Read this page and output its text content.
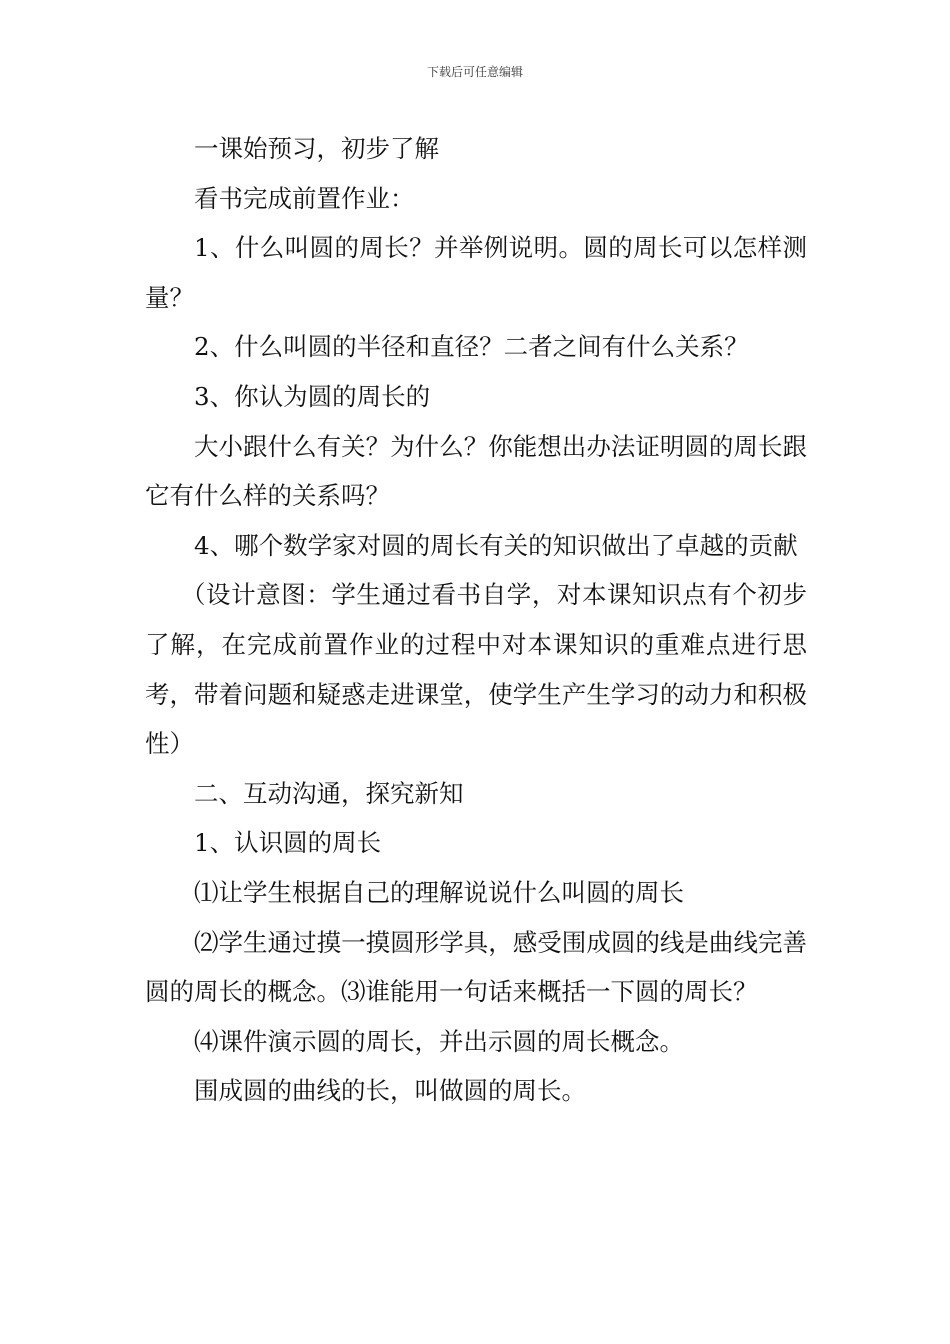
下载后可任意编辑

一课始预习，初步了解

看书完成前置作业：

1、什么叫圆的周长？并举例说明。圆的周长可以怎样测量？

2、什么叫圆的半径和直径？二者之间有什么关系？

3、你认为圆的周长的

大小跟什么有关？为什么？你能想出办法证明圆的周长跟它有什么样的关系吗？

4、哪个数学家对圆的周长有关的知识做出了卓越的贡献

（设计意图：学生通过看书自学，对本课知识点有个初步了解，在完成前置作业的过程中对本课知识的重难点进行思考，带着问题和疑惑走进课堂，使学生产生学习的动力和积极性）

二、互动沟通，探究新知

1、认识圆的周长

⑴让学生根据自己的理解说说什么叫圆的周长

⑵学生通过摸一摸圆形学具，感受围成圆的线是曲线完善圆的周长的概念。⑶谁能用一句话来概括一下圆的周长？

⑷课件演示圆的周长，并出示圆的周长概念。

围成圆的曲线的长，叫做圆的周长。
